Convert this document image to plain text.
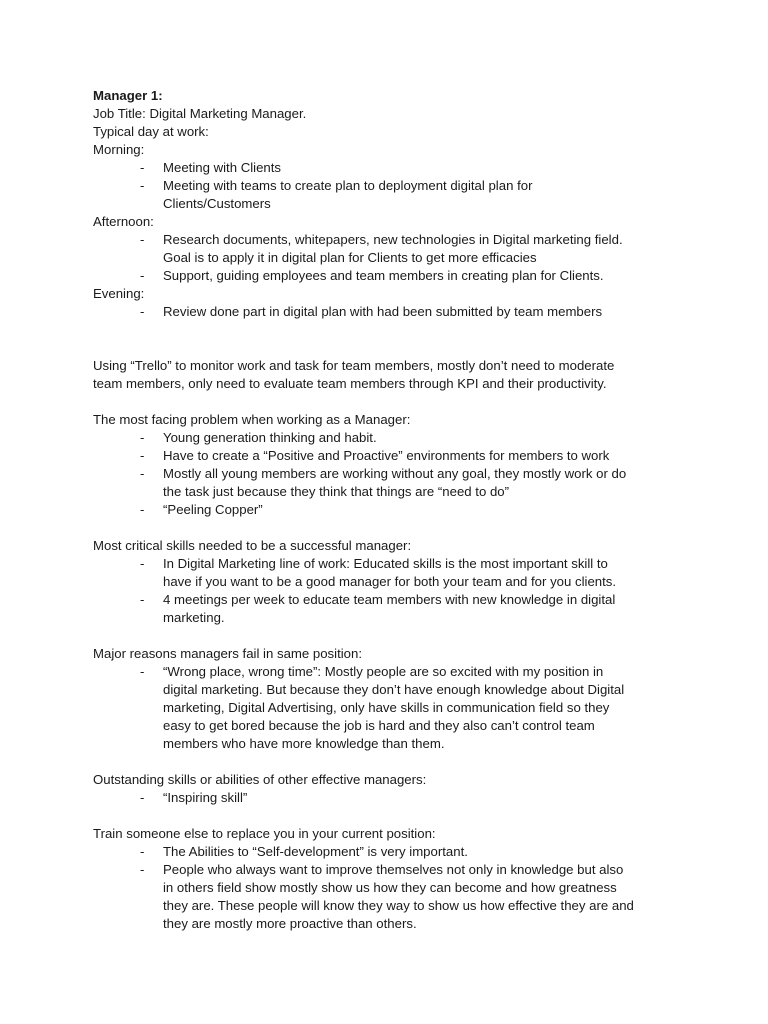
Manager 1:

Job Title: Digital Marketing Manager.

Typical day at work:

Morning:

- Meeting with Clients
- Meeting with teams to create plan to deployment digital plan for
Clients/Customers

Afternoon:

- Research documents, whitepapers, new technologies in Digital marketing field.
Goal is to apply it in digital plan for Clients to get more efficacies
- Support, guiding employees and team members in creating plan for Clients.

Evening:

- Review done part in digital plan with had been submitted by team members

Using “Trello” to monitor work and task for team members, mostly don’t need to moderate
team members, only need to evaluate team members through KPI and their productivity.

The most facing problem when working as a Manager:

- Young generation thinking and habit.
- Have to create a “Positive and Proactive” environments for members to work
- Mostly all young members are working without any goal, they mostly work or do
the task just because they think that things are “need to do”
- “Peeling Copper”

Most critical skills needed to be a successful manager:

- In Digital Marketing line of work: Educated skills is the most important skill to
have if you want to be a good manager for both your team and for you clients.
- 4 meetings per week to educate team members with new knowledge in digital
marketing.

Major reasons managers fail in same position:

- “Wrong place, wrong time”: Mostly people are so excited with my position in
digital marketing. But because they don’t have enough knowledge about Digital
marketing, Digital Advertising, only have skills in communication field so they
easy to get bored because the job is hard and they also can’t control team
members who have more knowledge than them.

Outstanding skills or abilities of other effective managers:

- “Inspiring skill”

Train someone else to replace you in your current position:

- The Abilities to “Self-development” is very important.
- People who always want to improve themselves not only in knowledge but also
in others field show mostly show us how they can become and how greatness
they are. These people will know they way to show us how effective they are and
they are mostly more proactive than others.
